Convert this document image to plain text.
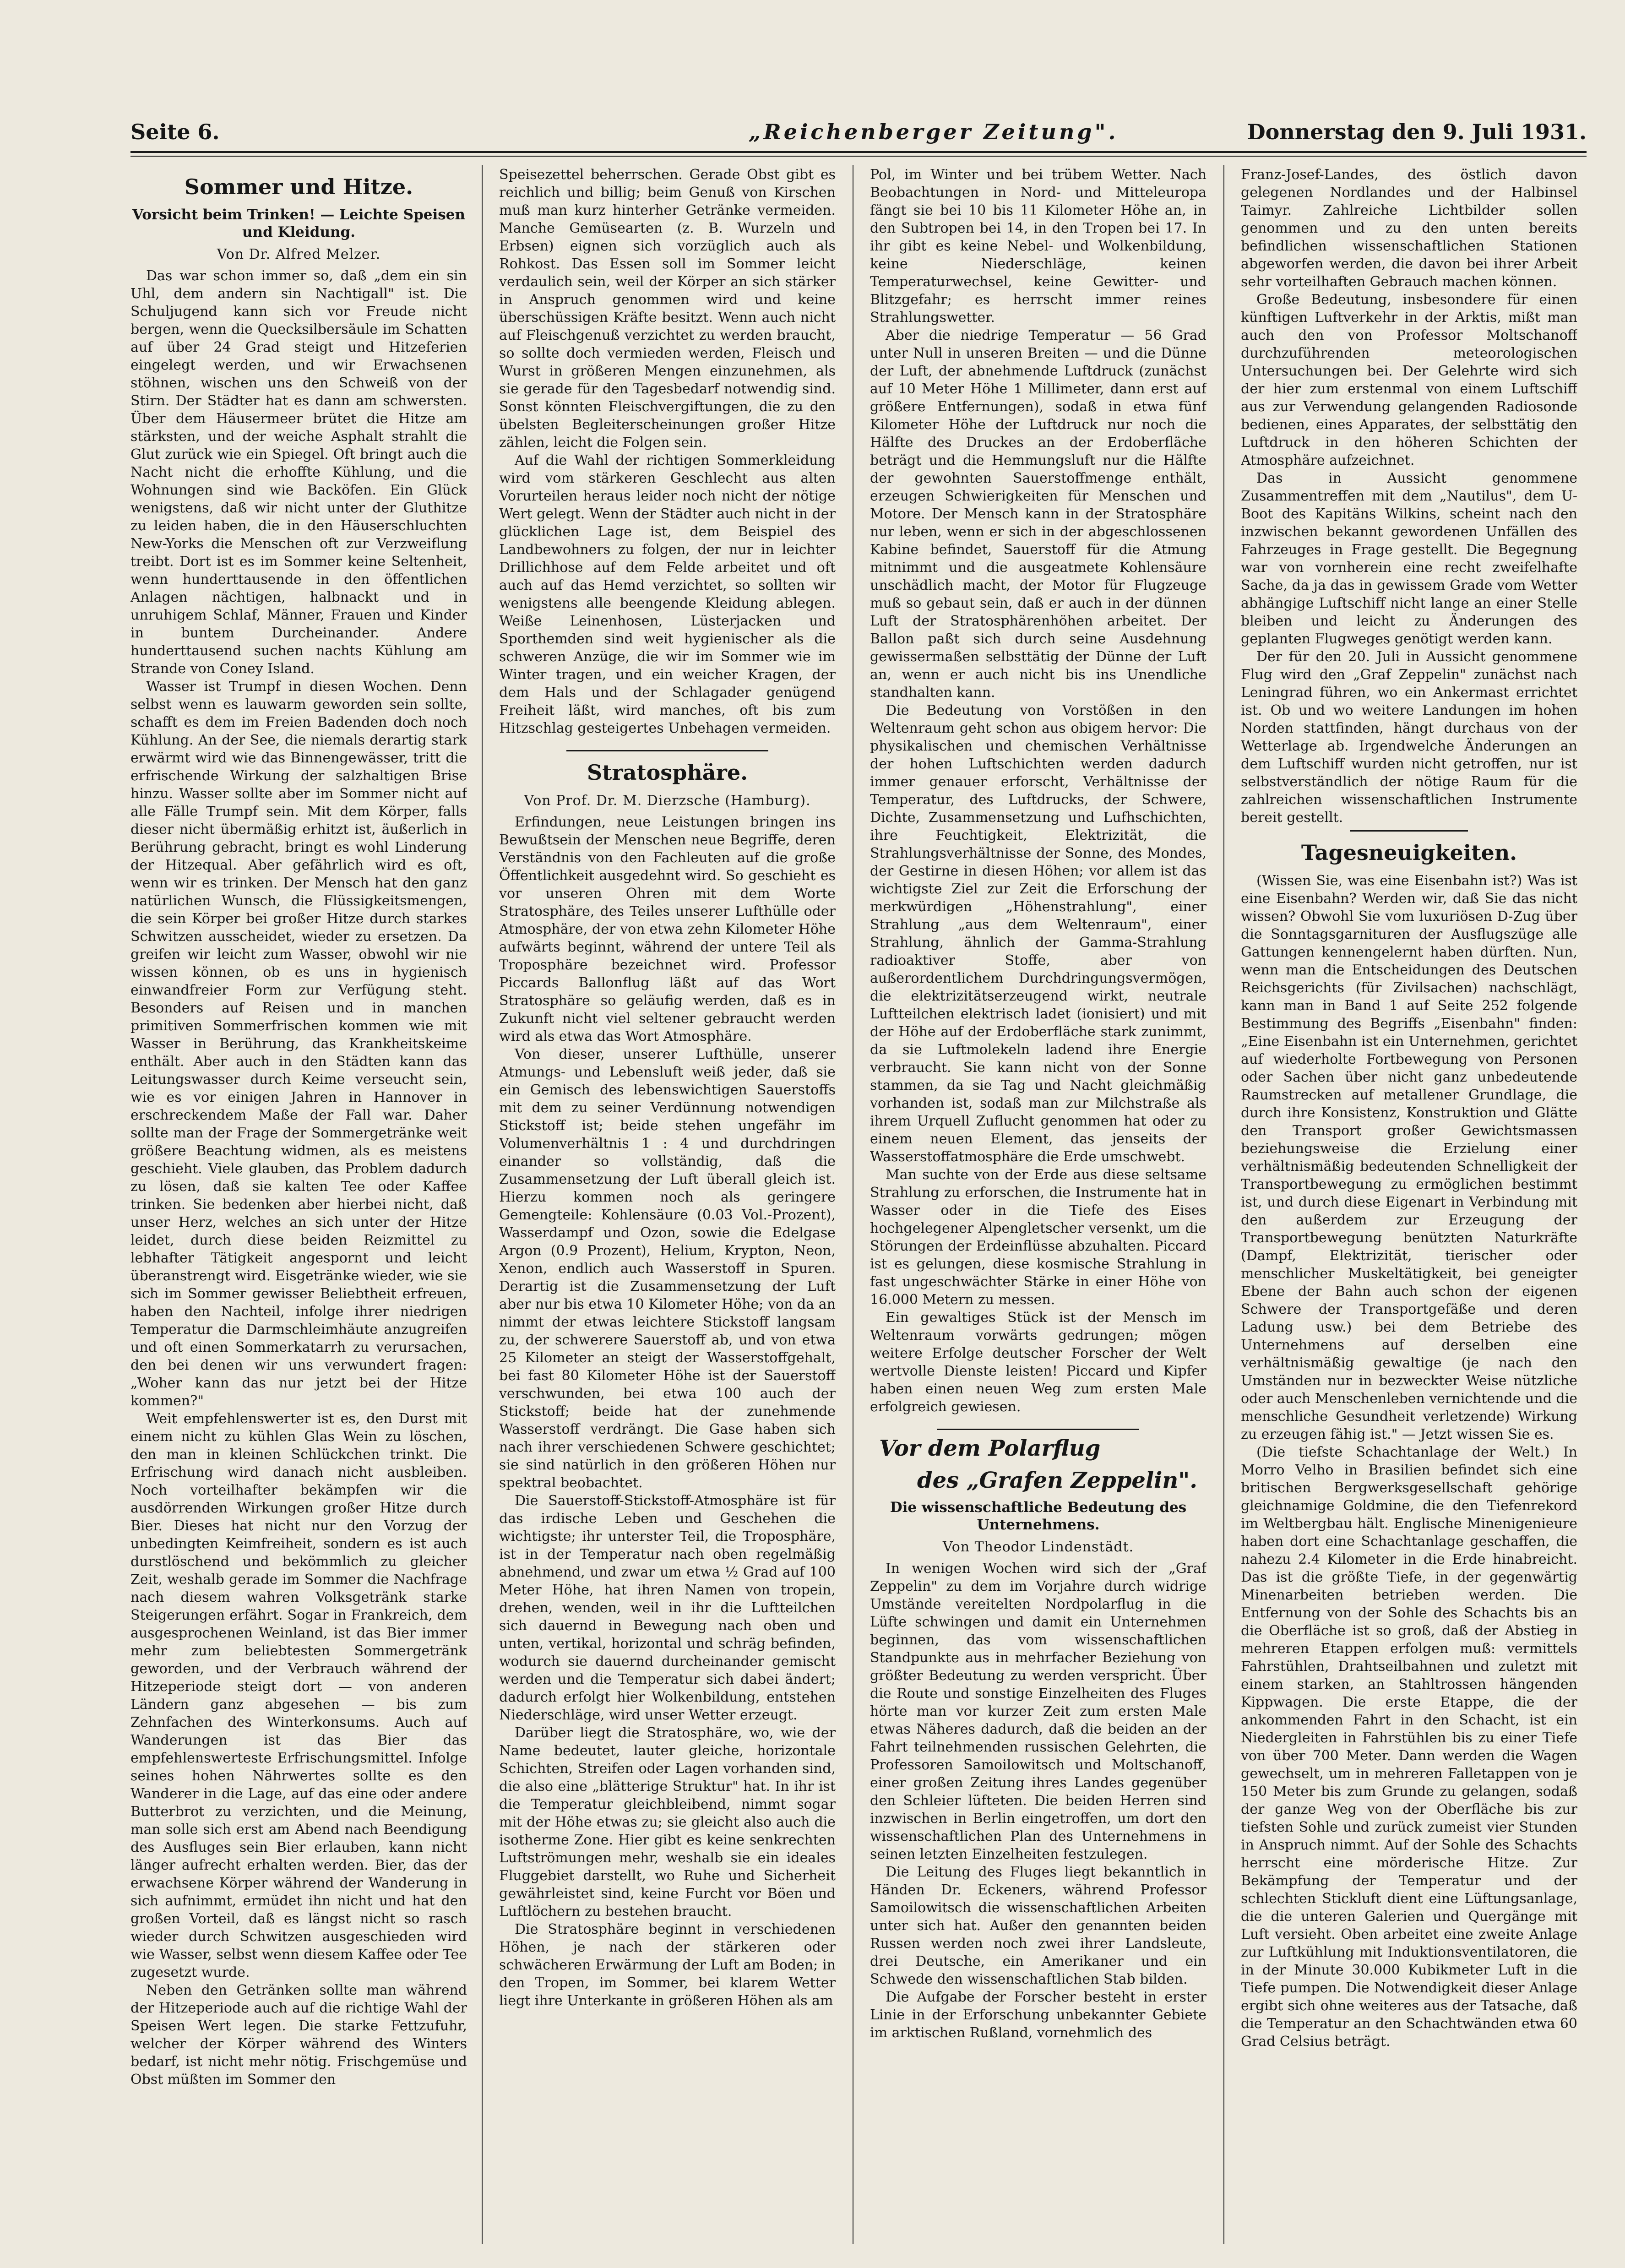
Seite 6.	„Reichenberger Zeitung".	Donnerstag den 9. Juli 1931.
Sommer und Hitze.
Vorsicht beim Trinken! — Leichte Speisen und Kleidung.
Von Dr. Alfred Melzer.

Das war schon immer so, daß „dem ein sin Uhl, dem andern sin Nachtigall" ist. Die Schuljugend kann sich vor Freude nicht bergen, wenn die Quecksilbersäule im Schatten auf über 24 Grad steigt und Hitzeferien eingelegt werden, und wir Erwachsenen stöhnen, wischen uns den Schweiß von der Stirn. Der Städter hat es dann am schwersten. Über dem Häusermeer brütet die Hitze am stärksten, und der weiche Asphalt strahlt die Glut zurück wie ein Spiegel. Oft bringt auch die Nacht nicht die erhoffte Kühlung, und die Wohnungen sind wie Backöfen. Ein Glück wenigstens, daß wir nicht unter der Gluthitze zu leiden haben, die in den Häuserschluchten New-Yorks die Menschen oft zur Verzweiflung treibt. Dort ist es im Sommer keine Seltenheit, wenn hunderttausende in den öffentlichen Anlagen nächtigen, halbnackt und in unruhigem Schlaf, Männer, Frauen und Kinder in buntem Durcheinander. Andere hunderttausend suchen nachts Kühlung am Strande von Coney Island.

Wasser ist Trumpf in diesen Wochen. Denn selbst wenn es lauwarm geworden sein sollte, schafft es dem im Freien Badenden doch noch Kühlung. An der See, die niemals derartig stark erwärmt wird wie das Binnengewässer, tritt die erfrischende Wirkung der salzhaltigen Brise hinzu. Wasser sollte aber im Sommer nicht auf alle Fälle Trumpf sein. Mit dem Körper, falls dieser nicht übermäßig erhitzt ist, äußerlich in Berührung gebracht, bringt es wohl Linderung der Hitzequal. Aber gefährlich wird es oft, wenn wir es trinken. Der Mensch hat den ganz natürlichen Wunsch, die Flüssigkeitsmengen, die sein Körper bei großer Hitze durch starkes Schwitzen ausscheidet, wieder zu ersetzen. Da greifen wir leicht zum Wasser, obwohl wir nie wissen können, ob es uns in hygienisch einwandfreier Form zur Verfügung steht. Besonders auf Reisen und in manchen primitiven Sommerfrischen kommen wie mit Wasser in Berührung, das Krankheitskeime enthält. Aber auch in den Städten kann das Leitungswasser durch Keime verseucht sein, wie es vor einigen Jahren in Hannover in erschreckendem Maße der Fall war. Daher sollte man der Frage der Sommergetränke weit größere Beachtung widmen, als es meistens geschieht. Viele glauben, das Problem dadurch zu lösen, daß sie kalten Tee oder Kaffee trinken. Sie bedenken aber hierbei nicht, daß unser Herz, welches an sich unter der Hitze leidet, durch diese beiden Reizmittel zu lebhafter Tätigkeit angespornt und leicht überanstrengt wird. Eisgetränke wieder, wie sie sich im Sommer gewisser Beliebtheit erfreuen, haben den Nachteil, infolge ihrer niedrigen Temperatur die Darmschleimhäute anzugreifen und oft einen Sommerkatarrh zu verursachen, den bei denen wir uns verwundert fragen: „Woher kann das nur jetzt bei der Hitze kommen?"

Weit empfehlenswerter ist es, den Durst mit einem nicht zu kühlen Glas Wein zu löschen, den man in kleinen Schlückchen trinkt. Die Erfrischung wird danach nicht ausbleiben. Noch vorteilhafter bekämpfen wir die ausdörrenden Wirkungen großer Hitze durch Bier. Dieses hat nicht nur den Vorzug der unbedingten Keimfreiheit, sondern es ist auch durstlöschend und bekömmlich zu gleicher Zeit, weshalb gerade im Sommer die Nachfrage nach diesem wahren Volksgetränk starke Steigerungen erfährt. Sogar in Frankreich, dem ausgesprochenen Weinland, ist das Bier immer mehr zum beliebtesten Sommergetränk geworden, und der Verbrauch während der Hitzeperiode steigt dort — von anderen Ländern ganz abgesehen — bis zum Zehnfachen des Winterkonsums. Auch auf Wanderungen ist das Bier das empfehlenswerteste Erfrischungsmittel. Infolge seines hohen Nährwertes sollte es den Wanderer in die Lage, auf das eine oder andere Butterbrot zu verzichten, und die Meinung, man solle sich erst am Abend nach Beendigung des Ausfluges sein Bier erlauben, kann nicht länger aufrecht erhalten werden. Bier, das der erwachsene Körper während der Wanderung in sich aufnimmt, ermüdet ihn nicht und hat den großen Vorteil, daß es längst nicht so rasch wieder durch Schwitzen ausgeschieden wird wie Wasser, selbst wenn diesem Kaffee oder Tee zugesetzt wurde.

Neben den Getränken sollte man während der Hitzeperiode auch auf die richtige Wahl der Speisen Wert legen. Die starke Fettzufuhr, welcher der Körper während des Winters bedarf, ist nicht mehr nötig. Frischgemüse und Obst müßten im Sommer den

Speisezettel beherrschen. Gerade Obst gibt es reichlich und billig; beim Genuß von Kirschen muß man kurz hinterher Getränke vermeiden. Manche Gemüsearten (z. B. Wurzeln und Erbsen) eignen sich vorzüglich auch als Rohkost. Das Essen soll im Sommer leicht verdaulich sein, weil der Körper an sich stärker in Anspruch genommen wird und keine überschüssigen Kräfte besitzt. Wenn auch nicht auf Fleischgenuß verzichtet zu werden braucht, so sollte doch vermieden werden, Fleisch und Wurst in größeren Mengen einzunehmen, als sie gerade für den Tagesbedarf notwendig sind. Sonst könnten Fleischvergiftungen, die zu den übelsten Begleiterscheinungen großer Hitze zählen, leicht die Folgen sein.

Auf die Wahl der richtigen Sommerkleidung wird vom stärkeren Geschlecht aus alten Vorurteilen heraus leider noch nicht der nötige Wert gelegt. Wenn der Städter auch nicht in der glücklichen Lage ist, dem Beispiel des Landbewohners zu folgen, der nur in leichter Drillichhose auf dem Felde arbeitet und oft auch auf das Hemd verzichtet, so sollten wir wenigstens alle beengende Kleidung ablegen. Weiße Leinenhosen, Lüsterjacken und Sporthemden sind weit hygienischer als die schweren Anzüge, die wir im Sommer wie im Winter tragen, und ein weicher Kragen, der dem Hals und der Schlagader genügend Freiheit läßt, wird manches, oft bis zum Hitzschlag gesteigertes Unbehagen vermeiden.

Stratosphäre.
Von Prof. Dr. M. Dierzsche (Hamburg).

Erfindungen, neue Leistungen bringen ins Bewußtsein der Menschen neue Begriffe, deren Verständnis von den Fachleuten auf die große Öffentlichkeit ausgedehnt wird. So geschieht es vor unseren Ohren mit dem Worte Stratosphäre, des Teiles unserer Lufthülle oder Atmosphäre, der von etwa zehn Kilometer Höhe aufwärts beginnt, während der untere Teil als Troposphäre bezeichnet wird. Professor Piccards Ballonflug läßt auf das Wort Stratosphäre so geläufig werden, daß es in Zukunft nicht viel seltener gebraucht werden wird als etwa das Wort Atmosphäre.

Von dieser, unserer Lufthülle, unserer Atmungs- und Lebensluft weiß jeder, daß sie ein Gemisch des lebenswichtigen Sauerstoffs mit dem zu seiner Verdünnung notwendigen Stickstoff ist; beide stehen ungefähr im Volumenverhältnis 1 : 4 und durchdringen einander so vollständig, daß die Zusammensetzung der Luft überall gleich ist. Hierzu kommen noch als geringere Gemengteile: Kohlensäure (0.03 Vol.-Prozent), Wasserdampf und Ozon, sowie die Edelgase Argon (0.9 Prozent), Helium, Krypton, Neon, Xenon, endlich auch Wasserstoff in Spuren. Derartig ist die Zusammensetzung der Luft aber nur bis etwa 10 Kilometer Höhe; von da an nimmt der etwas leichtere Stickstoff langsam zu, der schwerere Sauerstoff ab, und von etwa 25 Kilometer an steigt der Wasserstoffgehalt, bei fast 80 Kilometer Höhe ist der Sauerstoff verschwunden, bei etwa 100 auch der Stickstoff; beide hat der zunehmende Wasserstoff verdrängt. Die Gase haben sich nach ihrer verschiedenen Schwere geschichtet; sie sind natürlich in den größeren Höhen nur spektral beobachtet.

Die Sauerstoff-Stickstoff-Atmosphäre ist für das irdische Leben und Geschehen die wichtigste; ihr unterster Teil, die Troposphäre, ist in der Temperatur nach oben regelmäßig abnehmend, und zwar um etwa ½ Grad auf 100 Meter Höhe, hat ihren Namen von tropein, drehen, wenden, weil in ihr die Luftteilchen sich dauernd in Bewegung nach oben und unten, vertikal, horizontal und schräg befinden, wodurch sie dauernd durcheinander gemischt werden und die Temperatur sich dabei ändert; dadurch erfolgt hier Wolkenbildung, entstehen Niederschläge, wird unser Wetter erzeugt.

Darüber liegt die Stratosphäre, wo, wie der Name bedeutet, lauter gleiche, horizontale Schichten, Streifen oder Lagen vorhanden sind, die also eine „blätterige Struktur" hat. In ihr ist die Temperatur gleichbleibend, nimmt sogar mit der Höhe etwas zu; sie gleicht also auch die isotherme Zone. Hier gibt es keine senkrechten Luftströmungen mehr, weshalb sie ein ideales Fluggebiet darstellt, wo Ruhe und Sicherheit gewährleistet sind, keine Furcht vor Böen und Luftlöchern zu bestehen braucht.

Die Stratosphäre beginnt in verschiedenen Höhen, je nach der stärkeren oder schwächeren Erwärmung der Luft am Boden; in den Tropen, im Sommer, bei klarem Wetter liegt ihre Unterkante in größeren Höhen als am

Pol, im Winter und bei trübem Wetter. Nach Beobachtungen in Nord- und Mitteleuropa fängt sie bei 10 bis 11 Kilometer Höhe an, in den Subtropen bei 14, in den Tropen bei 17. In ihr gibt es keine Nebel- und Wolkenbildung, keine Niederschläge, keinen Temperaturwechsel, keine Gewitter- und Blitzgefahr; es herrscht immer reines Strahlungswetter.

Aber die niedrige Temperatur — 56 Grad unter Null in unseren Breiten — und die Dünne der Luft, der abnehmende Luftdruck (zunächst auf 10 Meter Höhe 1 Millimeter, dann erst auf größere Entfernungen), sodaß in etwa fünf Kilometer Höhe der Luftdruck nur noch die Hälfte des Druckes an der Erdoberfläche beträgt und die Hemmungsluft nur die Hälfte der gewohnten Sauerstoffmenge enthält, erzeugen Schwierigkeiten für Menschen und Motore. Der Mensch kann in der Stratosphäre nur leben, wenn er sich in der abgeschlossenen Kabine befindet, Sauerstoff für die Atmung mitnimmt und die ausgeatmete Kohlensäure unschädlich macht, der Motor für Flugzeuge muß so gebaut sein, daß er auch in der dünnen Luft der Stratosphärenhöhen arbeitet. Der Ballon paßt sich durch seine Ausdehnung gewissermaßen selbsttätig der Dünne der Luft an, wenn er auch nicht bis ins Unendliche standhalten kann.

Die Bedeutung von Vorstößen in den Weltenraum geht schon aus obigem hervor: Die physikalischen und chemischen Verhältnisse der hohen Luftschichten werden dadurch immer genauer erforscht, Verhältnisse der Temperatur, des Luftdrucks, der Schwere, Dichte, Zusammensetzung und Lufhschichten, ihre Feuchtigkeit, Elektrizität, die Strahlungsverhältnisse der Sonne, des Mondes, der Gestirne in diesen Höhen; vor allem ist das wichtigste Ziel zur Zeit die Erforschung der merkwürdigen „Höhenstrahlung", einer Strahlung „aus dem Weltenraum", einer Strahlung, ähnlich der Gamma-Strahlung radioaktiver Stoffe, aber von außerordentlichem Durchdringungsvermögen, die elektrizitätserzeugend wirkt, neutrale Luftteilchen elektrisch ladet (ionisiert) und mit der Höhe auf der Erdoberfläche stark zunimmt, da sie Luftmolekeln ladend ihre Energie verbraucht. Sie kann nicht von der Sonne stammen, da sie Tag und Nacht gleichmäßig vorhanden ist, sodaß man zur Milchstraße als ihrem Urquell Zuflucht genommen hat oder zu einem neuen Element, das jenseits der Wasserstoffatmosphäre die Erde umschwebt.

Man suchte von der Erde aus diese seltsame Strahlung zu erforschen, die Instrumente hat in Wasser oder in die Tiefe des Eises hochgelegener Alpengletscher versenkt, um die Störungen der Erdeinflüsse abzuhalten. Piccard ist es gelungen, diese kosmische Strahlung in fast ungeschwächter Stärke in einer Höhe von 16.000 Metern zu messen.

Ein gewaltiges Stück ist der Mensch im Weltenraum vorwärts gedrungen; mögen weitere Erfolge deutscher Forscher der Welt wertvolle Dienste leisten! Piccard und Kipfer haben einen neuen Weg zum ersten Male erfolgreich gewiesen.

Vor dem Polarflug
des „Grafen Zeppelin".
Die wissenschaftliche Bedeutung des Unternehmens.
Von Theodor Lindenstädt.

In wenigen Wochen wird sich der „Graf Zeppelin" zu dem im Vorjahre durch widrige Umstände vereitelten Nordpolarflug in die Lüfte schwingen und damit ein Unternehmen beginnen, das vom wissenschaftlichen Standpunkte aus in mehrfacher Beziehung von größter Bedeutung zu werden verspricht. Über die Route und sonstige Einzelheiten des Fluges hörte man vor kurzer Zeit zum ersten Male etwas Näheres dadurch, daß die beiden an der Fahrt teilnehmenden russischen Gelehrten, die Professoren Samoilowitsch und Moltschanoff, einer großen Zeitung ihres Landes gegenüber den Schleier lüfteten. Die beiden Herren sind inzwischen in Berlin eingetroffen, um dort den wissenschaftlichen Plan des Unternehmens in seinen letzten Einzelheiten festzulegen.

Die Leitung des Fluges liegt bekanntlich in Händen Dr. Eckeners, während Professor Samoilowitsch die wissenschaftlichen Arbeiten unter sich hat. Außer den genannten beiden Russen werden noch zwei ihrer Landsleute, drei Deutsche, ein Amerikaner und ein Schwede den wissenschaftlichen Stab bilden.

Die Aufgabe der Forscher besteht in erster Linie in der Erforschung unbekannter Gebiete im arktischen Rußland, vornehmlich des

Franz-Josef-Landes, des östlich davon gelegenen Nordlandes und der Halbinsel Taimyr. Zahlreiche Lichtbilder sollen genommen und zu den unten bereits befindlichen wissenschaftlichen Stationen abgeworfen werden, die davon bei ihrer Arbeit sehr vorteilhaften Gebrauch machen können.

Große Bedeutung, insbesondere für einen künftigen Luftverkehr in der Arktis, mißt man auch den von Professor Moltschanoff durchzuführenden meteorologischen Untersuchungen bei. Der Gelehrte wird sich der hier zum erstenmal von einem Luftschiff aus zur Verwendung gelangenden Radiosonde bedienen, eines Apparates, der selbsttätig den Luftdruck in den höheren Schichten der Atmosphäre aufzeichnet.

Das in Aussicht genommene Zusammentreffen mit dem „Nautilus", dem U-Boot des Kapitäns Wilkins, scheint nach den inzwischen bekannt gewordenen Unfällen des Fahrzeuges in Frage gestellt. Die Begegnung war von vornherein eine recht zweifelhafte Sache, da ja das in gewissem Grade vom Wetter abhängige Luftschiff nicht lange an einer Stelle bleiben und leicht zu Änderungen des geplanten Flugweges genötigt werden kann.

Der für den 20. Juli in Aussicht genommene Flug wird den „Graf Zeppelin" zunächst nach Leningrad führen, wo ein Ankermast errichtet ist. Ob und wo weitere Landungen im hohen Norden stattfinden, hängt durchaus von der Wetterlage ab. Irgendwelche Änderungen an dem Luftschiff wurden nicht getroffen, nur ist selbstverständlich der nötige Raum für die zahlreichen wissenschaftlichen Instrumente bereit gestellt.

Tagesneuigkeiten.

(Wissen Sie, was eine Eisenbahn ist?) Was ist eine Eisenbahn? Werden wir, daß Sie das nicht wissen? Obwohl Sie vom luxuriösen D-Zug über die Sonntagsgarnituren der Ausflugszüge alle Gattungen kennengelernt haben dürften. Nun, wenn man die Entscheidungen des Deutschen Reichsgerichts (für Zivilsachen) nachschlägt, kann man in Band 1 auf Seite 252 folgende Bestimmung des Begriffs „Eisenbahn" finden: „Eine Eisenbahn ist ein Unternehmen, gerichtet auf wiederholte Fortbewegung von Personen oder Sachen über nicht ganz unbedeutende Raumstrecken auf metallener Grundlage, die durch ihre Konsistenz, Konstruktion und Glätte den Transport großer Gewichtsmassen beziehungsweise die Erzielung einer verhältnismäßig bedeutenden Schnelligkeit der Transportbewegung zu ermöglichen bestimmt ist, und durch diese Eigenart in Verbindung mit den außerdem zur Erzeugung der Transportbewegung benützten Naturkräfte (Dampf, Elektrizität, tierischer oder menschlicher Muskeltätigkeit, bei geneigter Ebene der Bahn auch schon der eigenen Schwere der Transportgefäße und deren Ladung usw.) bei dem Betriebe des Unternehmens auf derselben eine verhältnismäßig gewaltige (je nach den Umständen nur in bezweckter Weise nützliche oder auch Menschenleben vernichtende und die menschliche Gesundheit verletzende) Wirkung zu erzeugen fähig ist." — Jetzt wissen Sie es.

(Die tiefste Schachtanlage der Welt.) In Morro Velho in Brasilien befindet sich eine britischen Bergwerksgesellschaft gehörige gleichnamige Goldmine, die den Tiefenrekord im Weltbergbau hält. Englische Minenigenieure haben dort eine Schachtanlage geschaffen, die nahezu 2.4 Kilometer in die Erde hinabreicht. Das ist die größte Tiefe, in der gegenwärtig Minenarbeiten betrieben werden. Die Entfernung von der Sohle des Schachts bis an die Oberfläche ist so groß, daß der Abstieg in mehreren Etappen erfolgen muß: vermittels Fahrstühlen, Drahtseilbahnen und zuletzt mit einem starken, an Stahltrossen hängenden Kippwagen. Die erste Etappe, die der ankommenden Fahrt in den Schacht, ist ein Niedergleiten in Fahrstühlen bis zu einer Tiefe von über 700 Meter. Dann werden die Wagen gewechselt, um in mehreren Falletappen von je 150 Meter bis zum Grunde zu gelangen, sodaß der ganze Weg von der Oberfläche bis zur tiefsten Sohle und zurück zumeist vier Stunden in Anspruch nimmt. Auf der Sohle des Schachts herrscht eine mörderische Hitze. Zur Bekämpfung der Temperatur und der schlechten Stickluft dient eine Lüftungsanlage, die die unteren Galerien und Quergänge mit Luft versieht. Oben arbeitet eine zweite Anlage zur Luftkühlung mit Induktionsventilatoren, die in der Minute 30.000 Kubikmeter Luft in die Tiefe pumpen. Die Notwendigkeit dieser Anlage ergibt sich ohne weiteres aus der Tatsache, daß die Temperatur an den Schachtwänden etwa 60 Grad Celsius beträgt.
